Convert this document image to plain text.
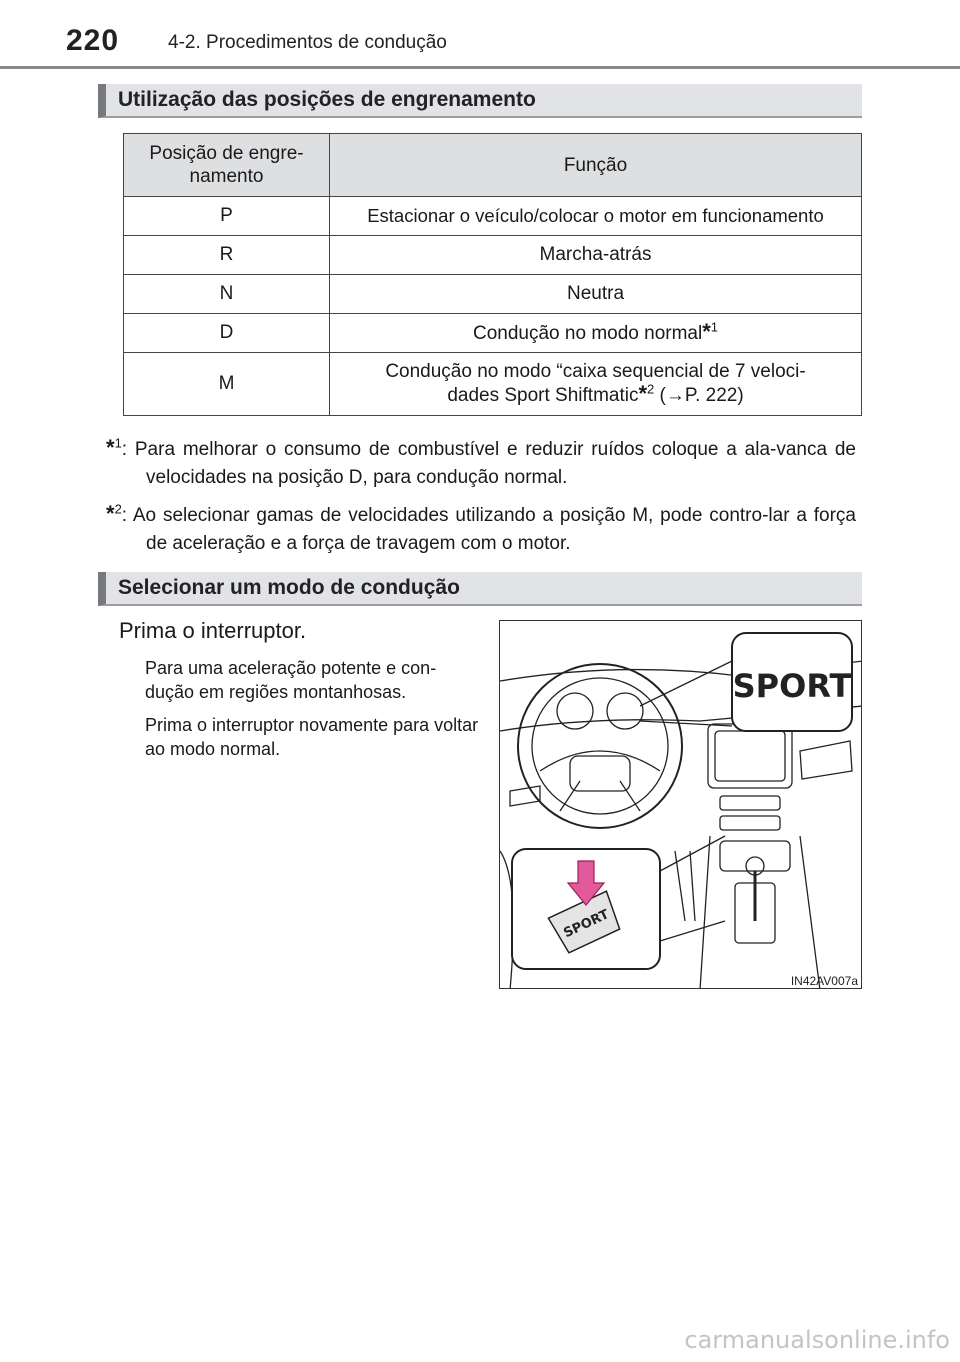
220	4-2. Procedimentos de condução
Utilização das posições de engrenamento
Posição de engre-
namento	Função
P	Estacionar o veículo/colocar o motor em funcionamento
R	Marcha-atrás
N	Neutra
D	Condução no modo normal*$^1$
M	Condução no modo “caixa sequencial de 7 veloci-
dades Sport Shiftmatic*$^2$ (→P. 222)
*$^1$: Para melhorar o consumo de combustível e reduzir ruídos coloque a ala-vanca de velocidades na posição D, para condução normal.
*$^2$: Ao selecionar gamas de velocidades utilizando a posição M, pode contro-lar a força de aceleração e a força de travagem com o motor.
Selecionar um modo de condução
Prima o interruptor.
Para uma aceleração potente e con-dução em regiões montanhosas.
Prima o interruptor novamente para voltar ao modo normal.
SPORT
SPORT
IN42AV007a
carmanualsonline.info
